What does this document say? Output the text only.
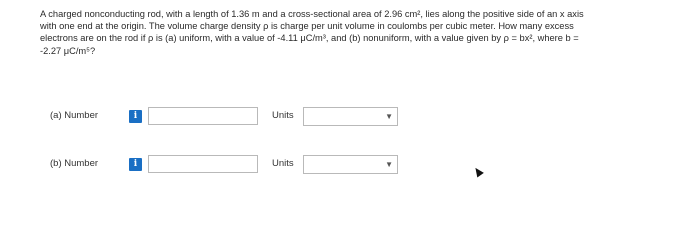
A charged nonconducting rod, with a length of 1.36 m and a cross-sectional area of 2.96 cm², lies along the positive side of an x axis

with one end at the origin. The volume charge density ρ is charge per unit volume in coulombs per cubic meter. How many excess

electrons are on the rod if ρ is (a) uniform, with a value of -4.11 μC/m³, and (b) nonuniform, with a value given by ρ = bx², where b =

-2.27 μC/m⁵?

(a) Number	i	Units	▼
(b) Number	i	Units	▼
